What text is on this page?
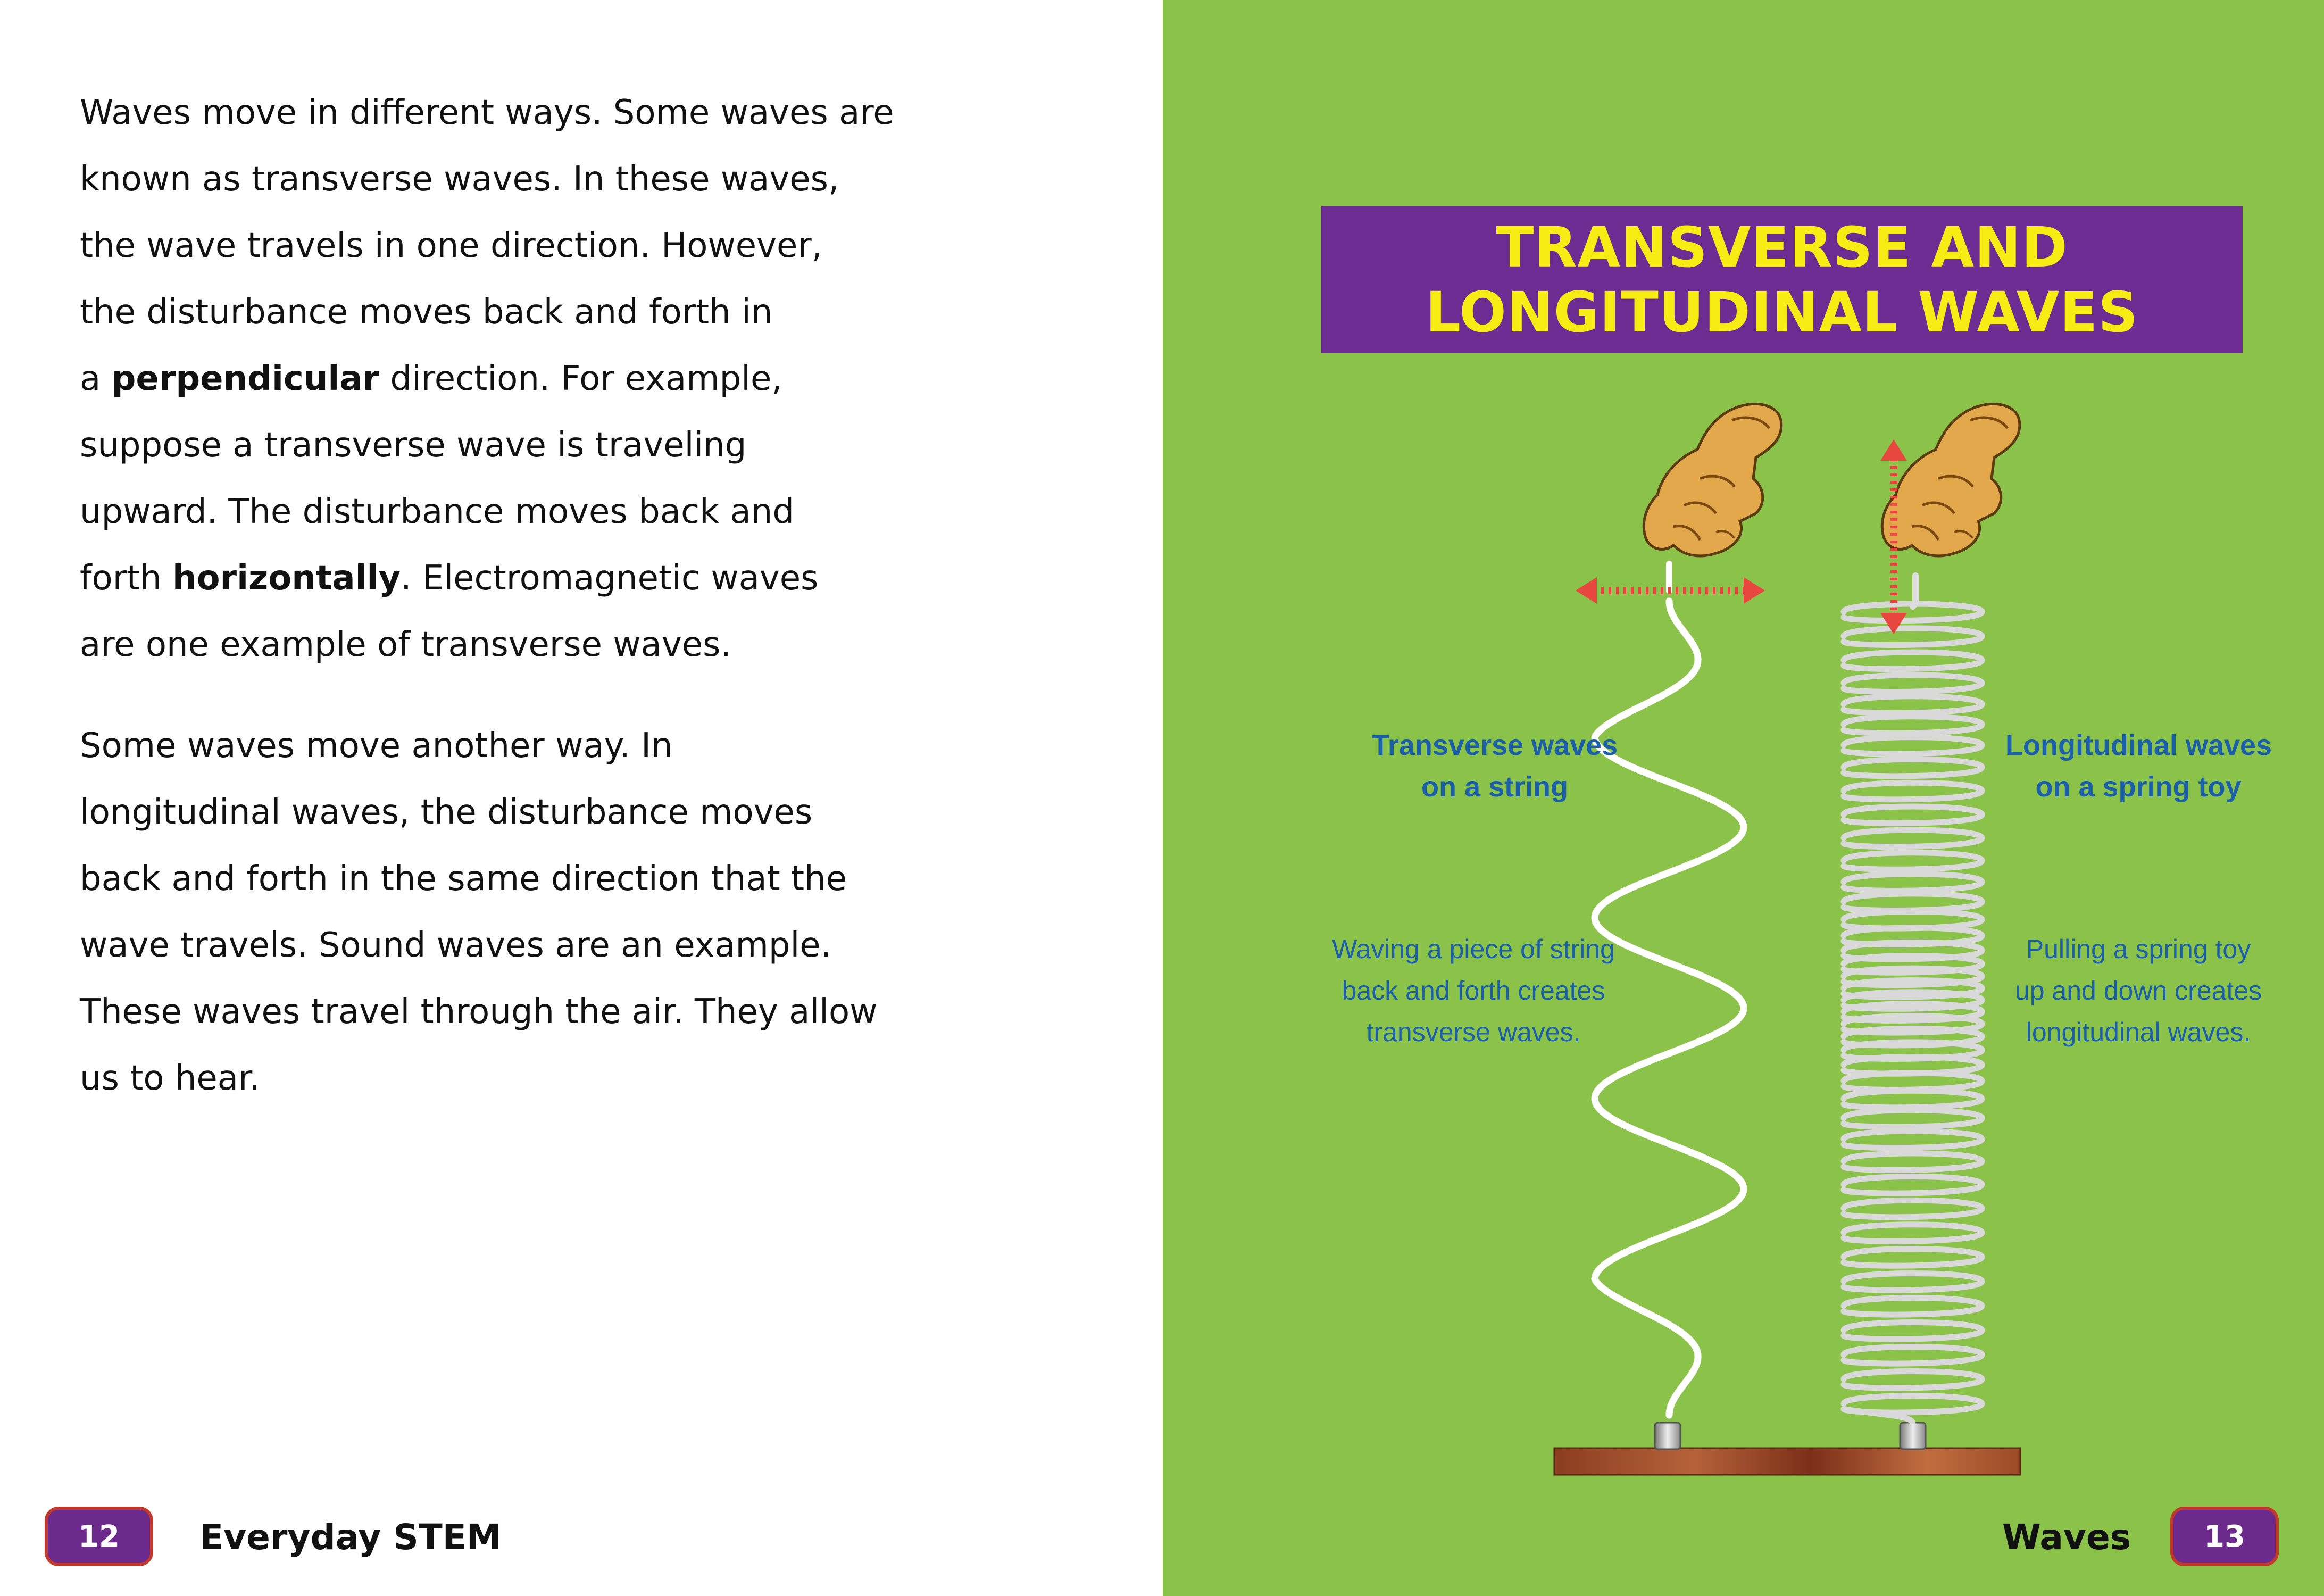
Waves move in different ways. Some waves are
known as transverse waves. In these waves,
the wave travels in one direction. However,
the disturbance moves back and forth in
a perpendicular direction. For example,
suppose a transverse wave is traveling
upward. The disturbance moves back and
forth horizontally. Electromagnetic waves
are one example of transverse waves.

Some waves move another way. In
longitudinal waves, the disturbance moves
back and forth in the same direction that the
wave travels. Sound waves are an example.
These waves travel through the air. They allow
us to hear.

12	Everyday STEM
TRANSVERSE AND
LONGITUDINAL WAVES
Transverse waves
on a string
Waving a piece of string
back and forth creates
transverse waves.
Longitudinal waves
on a spring toy
Pulling a spring toy
up and down creates
longitudinal waves.
Waves	13
